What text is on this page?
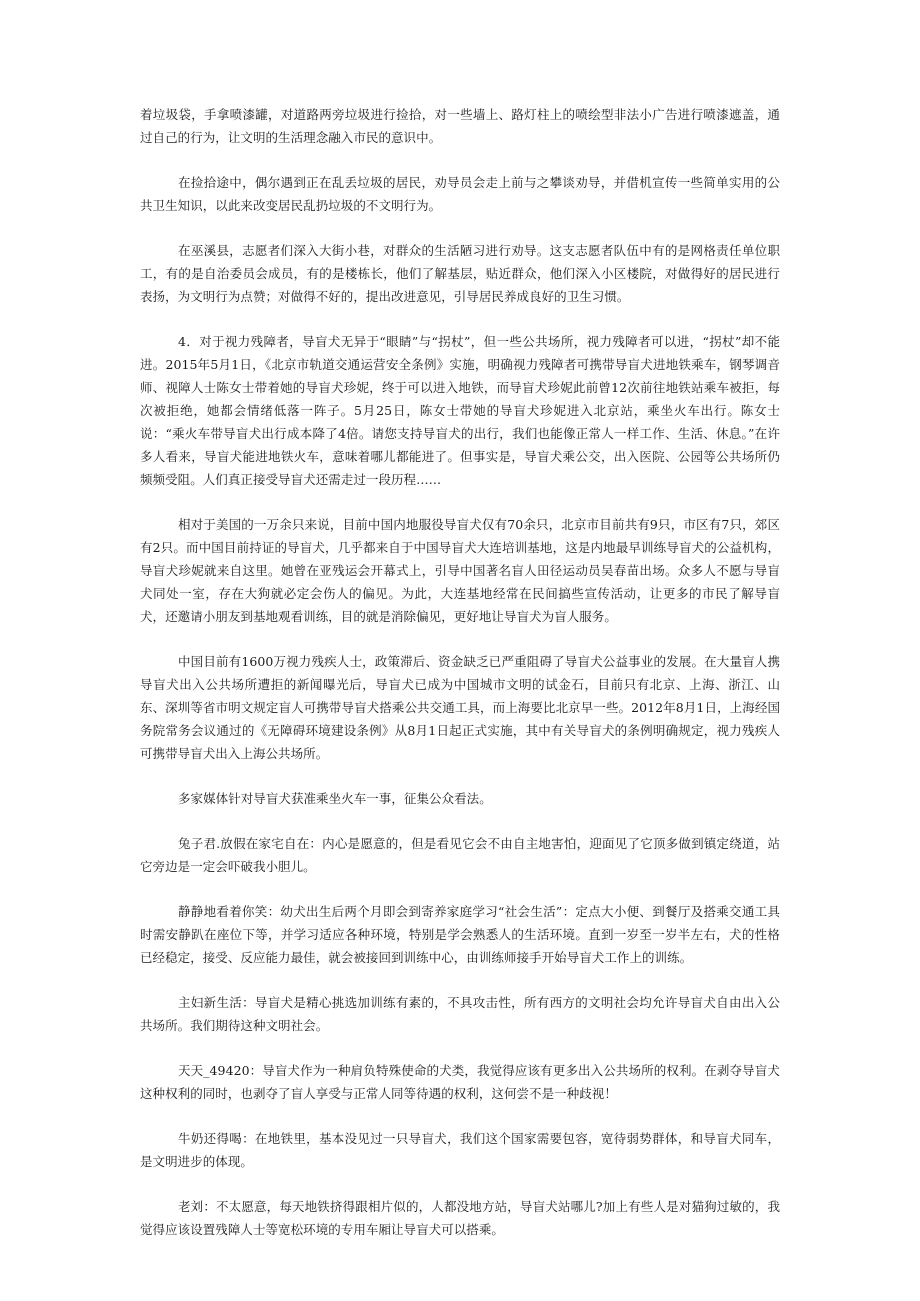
着垃圾袋，手拿喷漆罐，对道路两旁垃圾进行捡拾，对一些墙上、路灯柱上的喷绘型非法小广告进行喷漆遮盖，通过自己的行为，让文明的生活理念融入市民的意识中。

在捡拾途中，偶尔遇到正在乱丢垃圾的居民，劝导员会走上前与之攀谈劝导，并借机宣传一些简单实用的公共卫生知识，以此来改变居民乱扔垃圾的不文明行为。

在巫溪县，志愿者们深入大街小巷，对群众的生活陋习进行劝导。这支志愿者队伍中有的是网格责任单位职工，有的是自治委员会成员，有的是楼栋长，他们了解基层，贴近群众，他们深入小区楼院，对做得好的居民进行表扬，为文明行为点赞；对做得不好的，提出改进意见，引导居民养成良好的卫生习惯。

4．对于视力残障者，导盲犬无异于“眼睛”与“拐杖”，但一些公共场所，视力残障者可以进，“拐杖”却不能进。2015年5月1日，《北京市轨道交通运营安全条例》实施，明确视力残障者可携带导盲犬进地铁乘车，钢琴调音师、视障人士陈女士带着她的导盲犬珍妮，终于可以进入地铁，而导盲犬珍妮此前曾12次前往地铁站乘车被拒，每次被拒绝，她都会情绪低落一阵子。5月25日，陈女士带她的导盲犬珍妮进入北京站，乘坐火车出行。陈女士说：“乘火车带导盲犬出行成本降了4倍。请您支持导盲犬的出行，我们也能像正常人一样工作、生活、休息。”在许多人看来，导盲犬能进地铁火车，意味着哪儿都能进了。但事实是，导盲犬乘公交，出入医院、公园等公共场所仍频频受阻。人们真正接受导盲犬还需走过一段历程……

相对于美国的一万余只来说，目前中国内地服役导盲犬仅有70余只，北京市目前共有9只，市区有7只，郊区有2只。而中国目前持证的导盲犬，几乎都来自于中国导盲犬大连培训基地，这是内地最早训练导盲犬的公益机构，导盲犬珍妮就来自这里。她曾在亚残运会开幕式上，引导中国著名盲人田径运动员吴春苗出场。众多人不愿与导盲犬同处一室，存在大狗就必定会伤人的偏见。为此，大连基地经常在民间搞些宣传活动，让更多的市民了解导盲犬，还邀请小朋友到基地观看训练，目的就是消除偏见，更好地让导盲犬为盲人服务。

中国目前有1600万视力残疾人士，政策滞后、资金缺乏已严重阻碍了导盲犬公益事业的发展。在大量盲人携导盲犬出入公共场所遭拒的新闻曝光后，导盲犬已成为中国城市文明的试金石，目前只有北京、上海、浙江、山东、深圳等省市明文规定盲人可携带导盲犬搭乘公共交通工具，而上海要比北京早一些。2012年8月1日，上海经国务院常务会议通过的《无障碍环境建设条例》从8月1日起正式实施，其中有关导盲犬的条例明确规定，视力残疾人可携带导盲犬出入上海公共场所。

多家媒体针对导盲犬获准乘坐火车一事，征集公众看法。

兔子君.放假在家宅自在：内心是愿意的，但是看见它会不由自主地害怕，迎面见了它顶多做到镇定绕道，站它旁边是一定会吓破我小胆儿。

静静地看着你笑：幼犬出生后两个月即会到寄养家庭学习“社会生活”：定点大小便、到餐厅及搭乘交通工具时需安静趴在座位下等，并学习适应各种环境，特别是学会熟悉人的生活环境。直到一岁至一岁半左右，犬的性格已经稳定，接受、反应能力最佳，就会被接回到训练中心，由训练师接手开始导盲犬工作上的训练。

主妇新生活：导盲犬是精心挑选加训练有素的，不具攻击性，所有西方的文明社会均允许导盲犬自由出入公共场所。我们期待这种文明社会。

天天_49420：导盲犬作为一种肩负特殊使命的犬类，我觉得应该有更多出入公共场所的权利。在剥夺导盲犬这种权利的同时，也剥夺了盲人享受与正常人同等待遇的权利，这何尝不是一种歧视！

牛奶还得喝：在地铁里，基本没见过一只导盲犬，我们这个国家需要包容，宽待弱势群体，和导盲犬同车，是文明进步的体现。

老刘：不太愿意，每天地铁挤得跟相片似的，人都没地方站，导盲犬站哪儿?加上有些人是对猫狗过敏的，我觉得应该设置残障人士等宽松环境的专用车厢让导盲犬可以搭乘。
